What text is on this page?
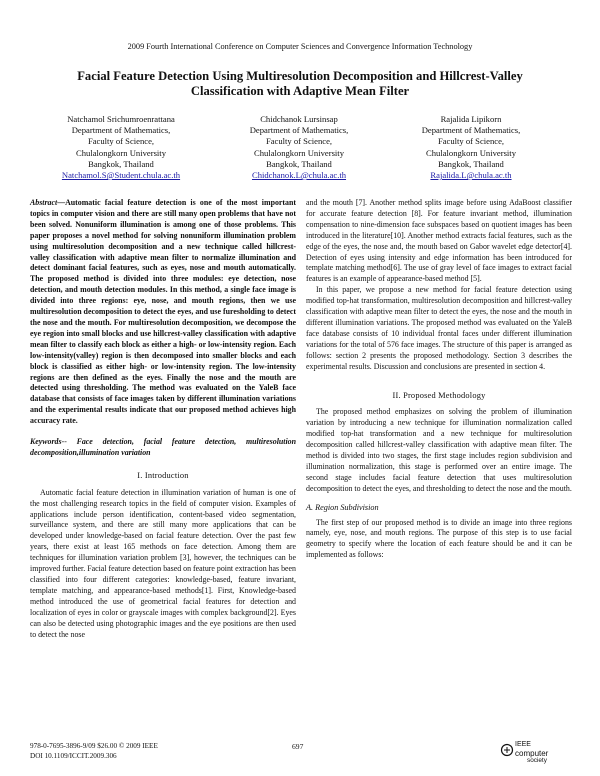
2009 Fourth International Conference on Computer Sciences and Convergence Information Technology
Facial Feature Detection Using Multiresolution Decomposition and Hillcrest-Valley Classification with Adaptive Mean Filter
Natchamol Srichumroenrattana
Department of Mathematics,
Faculty of Science,
Chulalongkorn University
Bangkok, Thailand
Natchamol.S@Student.chula.ac.th
Chidchanok Lursinsap
Department of Mathematics,
Faculty of Science,
Chulalongkorn University
Bangkok, Thailand
Chidchanok.L@chula.ac.th
Rajalida Lipikorn
Department of Mathematics,
Faculty of Science,
Chulalongkorn University
Bangkok, Thailand
Rajalida.L@chula.ac.th

Abstract—Automatic facial feature detection is one of the most important topics in computer vision and there are still many open problems that have not been solved. Nonuniform illumination is among one of those problems. This paper proposes a novel method for solving nonuniform illumination problem using multiresolution decomposition and a new technique called hillcrest-valley classification with adaptive mean filter to normalize illumination and detect dominant facial features, such as eyes, nose and mouth automatically. The proposed method is divided into three modules: eye detection, nose detection, and mouth detection modules. In this method, a single face image is divided into three regions: eye, nose, and mouth regions, then we use multiresolution decomposition to detect the eyes, and use furesholding to detect the nose and the mouth. For multiresolution decomposition, we decompose the eye region into small blocks and use hillcrest-valley classification with adaptive mean filter to classify each block as either a high- or low-intensity region. Each low-intensity(valley) region is then decomposed into smaller blocks and each block is classified as either high- or low-intensity region. The low-intensity regions are then defined as the eyes. Finally the nose and the mouth are detected using thresholding. The method was evaluated on the YaleB face database that consists of face images taken by different illumination variations and the experimental results indicate that our proposed method achieves high accuracy rate.

Keywords-- Face detection, facial feature detection, multiresolution decomposition,illumination variation

I. Introduction

Automatic facial feature detection in illumination variation of human is one of the most challenging research topics in the field of computer vision. Examples of applications include person identification, content-based video segmentation, surveillance system, and there are still many more applications that can be developed under knowledge-based on facial feature detection. Over the past few years, there exist at least 165 methods on face detection. Among them are techniques for illumination variation problem [3], however, the techniques can be improved further. Facial feature detection based on feature point extraction has been classified into four different categories: knowledge-based, feature invariant, template matching, and appearance-based methods[1]. First, Knowledge-based method introduced the use of geometrical facial features for detection and localization of eyes in color or grayscale images with complex background[2]. Eyes can also be detected using photographic images and the eye positions are then used to detect the nose

and the mouth [7]. Another method splits image before using AdaBoost classifier for accurate feature detection [8]. For feature invariant method, illumination compensation to nine-dimension face subspaces based on quotient images has been introduced in the literature[10]. Another method extracts facial features, such as the edge of the eyes, the nose and, the mouth based on Gabor wavelet edge detector[4]. Detection of eyes using intensity and edge information has been introduced for template matching method[6]. The use of gray level of face images to extract facial features is an example of appearance-based method [5].

In this paper, we propose a new method for facial feature detection using modified top-hat transformation, multiresolution decomposition and hillcrest-valley classification with adaptive mean filter to detect the eyes, the nose and the mouth in different illumination variations. The proposed method was evaluated on the YaleB face database consists of 10 individual frontal faces under different illumination variations for the total of 576 face images. The structure of this paper is arranged as follows: section 2 presents the proposed methodology. Section 3 describes the experimental results. Discussion and conclusions are presented in section 4.

II. Proposed Methodology

The proposed method emphasizes on solving the problem of illumination variation by introducing a new technique for illumination normalization called modified top-hat transformation and a new technique for multiresolution decomposition called hillcrest-valley classification with adaptive mean filter. The method is divided into two stages, the first stage includes region subdivision and illumination normalization, this stage is performed over an entire image. The second stage includes facial feature detection that uses multiresolution decomposition to detect the eyes, and thresholding to detect the nose and the mouth.

A. Region Subdivision

The first step of our proposed method is to divide an image into three regions namely, eye, nose, and mouth regions. The purpose of this step is to use facial geometry to specify where the location of each feature should be and it can be implemented as follows:

978-0-7695-3896-9/09 $26.00 © 2009 IEEE
DOI 10.1109/ICCIT.2009.306
697	IEEE
computer
society
